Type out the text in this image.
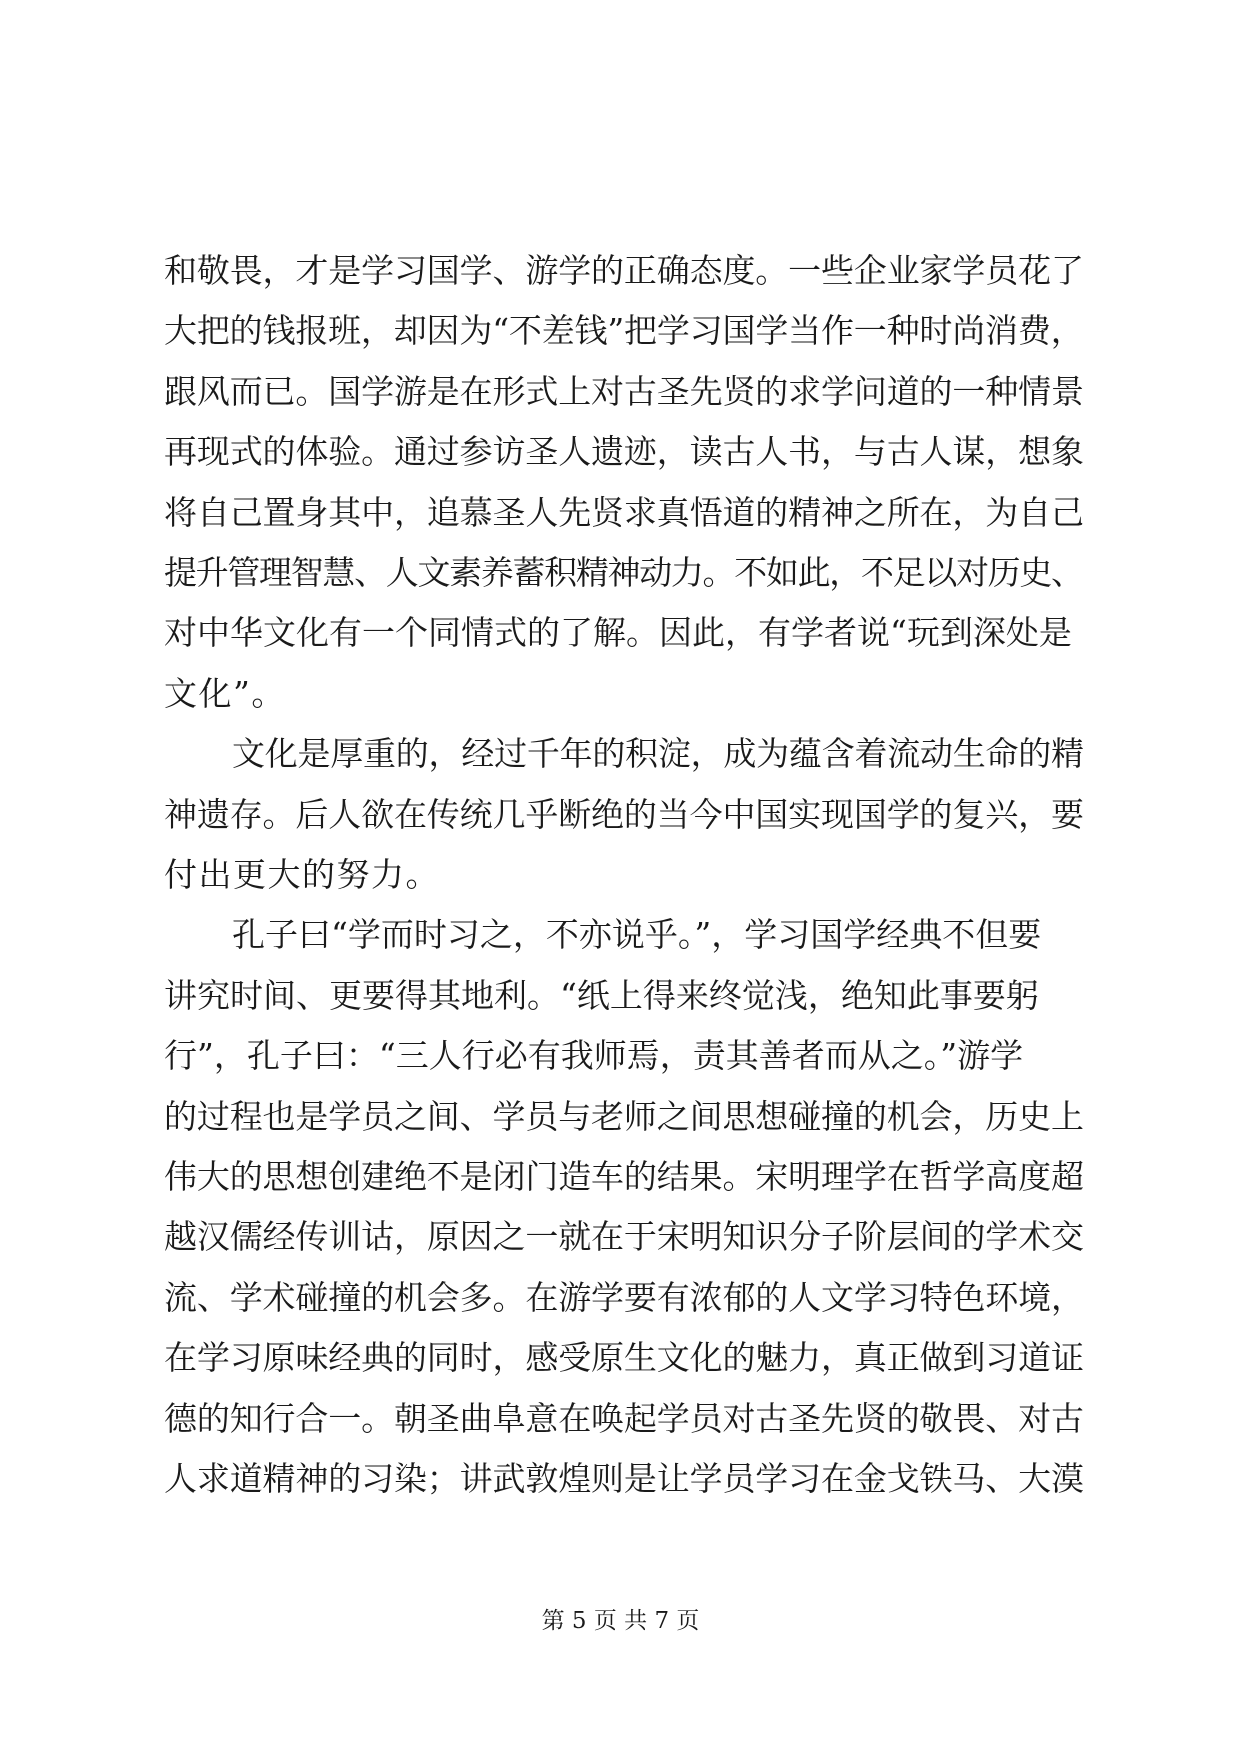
和敬畏，才是学习国学、游学的正确态度。一些企业家学员花了
大把的钱报班，却因为“不差钱”把学习国学当作一种时尚消费，
跟风而已。国学游是在形式上对古圣先贤的求学问道的一种情景
再现式的体验。通过参访圣人遗迹，读古人书，与古人谋，想象
将自己置身其中，追慕圣人先贤求真悟道的精神之所在，为自己
提升管理智慧、人文素养蓄积精神动力。不如此，不足以对历史、
对中华文化有一个同情式的了解。因此，有学者说“玩到深处是
文化”。
文化是厚重的，经过千年的积淀，成为蕴含着流动生命的精
神遗存。后人欲在传统几乎断绝的当今中国实现国学的复兴，要
付出更大的努力。
孔子曰“学而时习之，不亦说乎。”，学习国学经典不但要
讲究时间、更要得其地利。“纸上得来终觉浅，绝知此事要躬
行”，孔子曰：“三人行必有我师焉，责其善者而从之。”游学
的过程也是学员之间、学员与老师之间思想碰撞的机会，历史上
伟大的思想创建绝不是闭门造车的结果。宋明理学在哲学高度超
越汉儒经传训诂，原因之一就在于宋明知识分子阶层间的学术交
流、学术碰撞的机会多。在游学要有浓郁的人文学习特色环境，
在学习原味经典的同时，感受原生文化的魅力，真正做到习道证
德的知行合一。朝圣曲阜意在唤起学员对古圣先贤的敬畏、对古
人求道精神的习染；讲武敦煌则是让学员学习在金戈铁马、大漠
第 5 页 共 7 页
